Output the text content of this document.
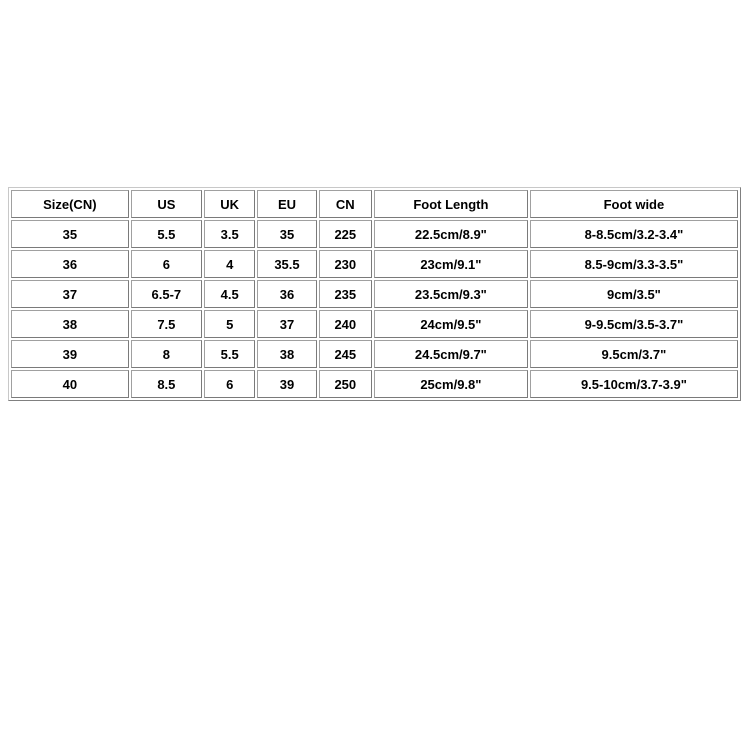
Size(CN)	US	UK	EU	CN	Foot Length	Foot wide
35	5.5	3.5	35	225	22.5cm/8.9"	8-8.5cm/3.2-3.4"
36	6	4	35.5	230	23cm/9.1"	8.5-9cm/3.3-3.5"
37	6.5-7	4.5	36	235	23.5cm/9.3"	9cm/3.5"
38	7.5	5	37	240	24cm/9.5"	9-9.5cm/3.5-3.7"
39	8	5.5	38	245	24.5cm/9.7"	9.5cm/3.7"
40	8.5	6	39	250	25cm/9.8"	9.5-10cm/3.7-3.9"
